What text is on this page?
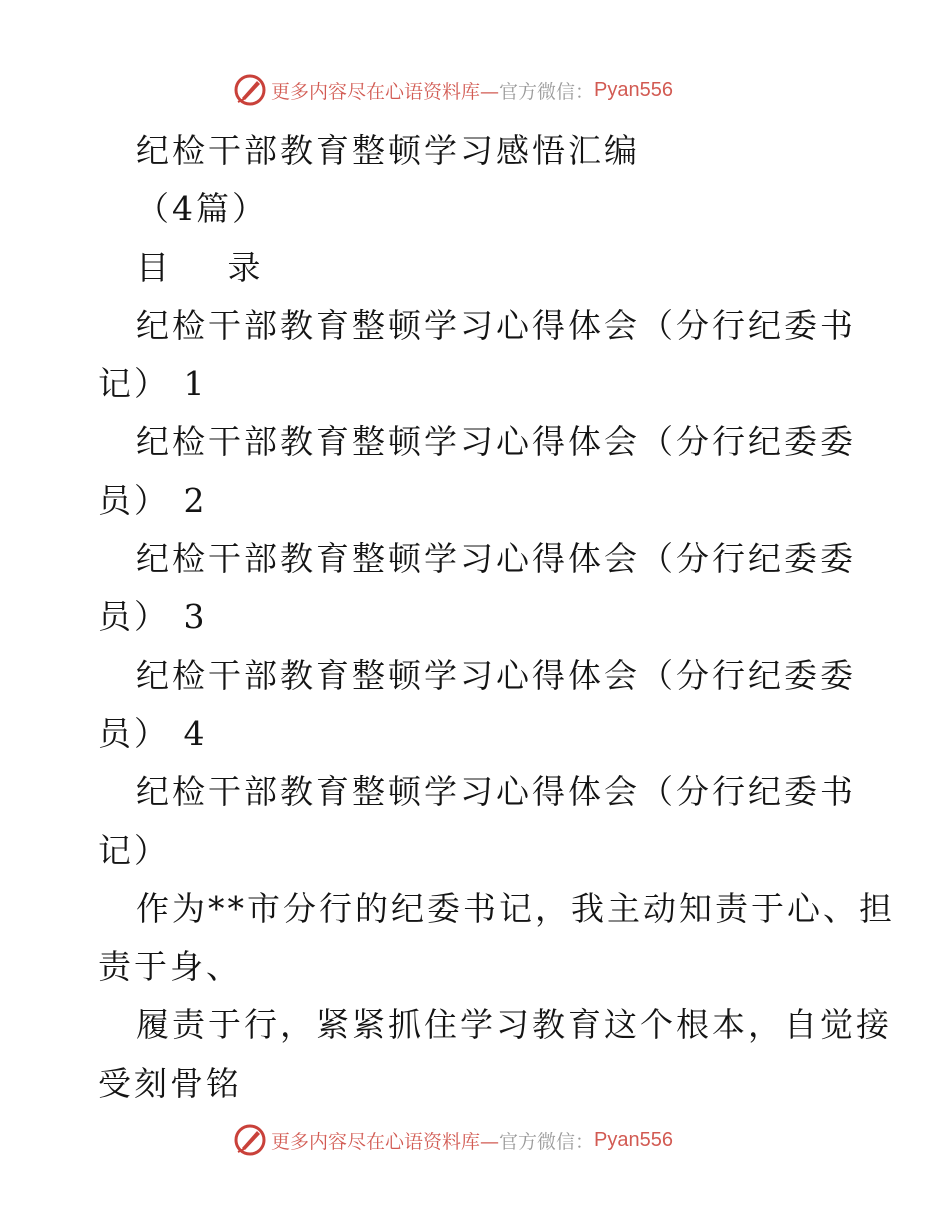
更多内容尽在心语资料库— 官方微信： Pyan556
纪检干部教育整顿学习感悟汇编
（4篇）
目 录
纪检干部教育整顿学习心得体会（分行纪委书
记） 1
纪检干部教育整顿学习心得体会（分行纪委委
员） 2
纪检干部教育整顿学习心得体会（分行纪委委
员） 3
纪检干部教育整顿学习心得体会（分行纪委委
员） 4
纪检干部教育整顿学习心得体会（分行纪委书
记）
作为**市分行的纪委书记，我主动知责于心、担
责于身、
履责于行，紧紧抓住学习教育这个根本，自觉接
受刻骨铭
更多内容尽在心语资料库— 官方微信： Pyan556
